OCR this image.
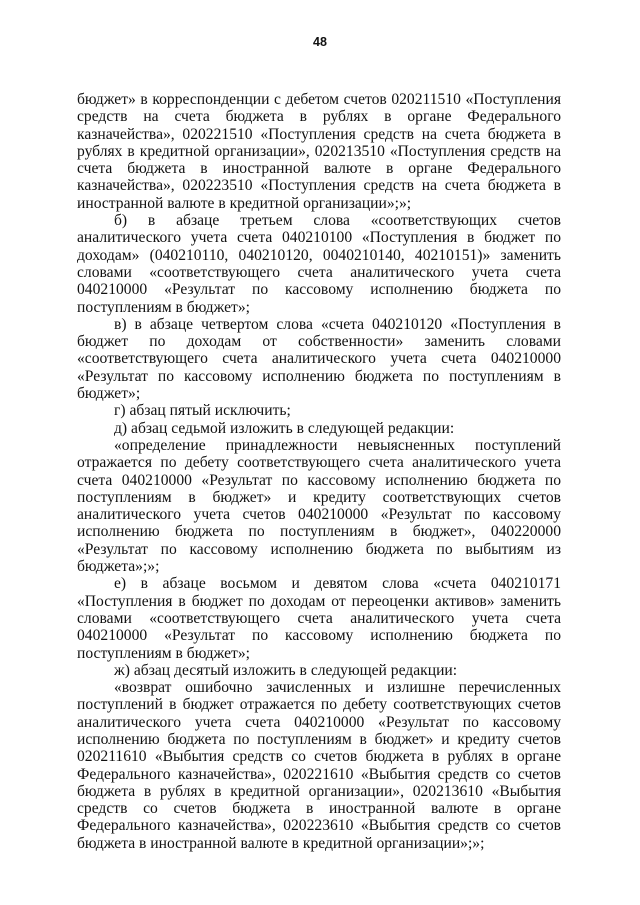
48

бюджет» в корреспонденции с дебетом счетов 020211510 «Поступления средств на счета бюджета в рублях в органе Федерального казначейства», 020221510 «Поступления средств на счета бюджета в рублях в кредитной организации», 020213510 «Поступления средств на счета бюджета в иностранной валюте в органе Федерального казначейства», 020223510 «Поступления средств на счета бюджета в иностранной валюте в кредитной организации»;»;

б) в абзаце третьем слова «соответствующих счетов аналитического учета счета 040210100 «Поступления в бюджет по доходам» (040210110, 040210120, 0040210140, 40210151)» заменить словами «соответствующего счета аналитического учета счета 040210000 «Результат по кассовому исполнению бюджета по поступлениям в бюджет»;

в) в абзаце четвертом слова «счета 040210120 «Поступления в бюджет по доходам от собственности» заменить словами «соответствующего счета аналитического учета счета 040210000 «Результат по кассовому исполнению бюджета по поступлениям в бюджет»;

г) абзац пятый исключить;

д) абзац седьмой изложить в следующей редакции:

«определение принадлежности невыясненных поступлений отражается по дебету соответствующего счета аналитического учета счета 040210000 «Результат по кассовому исполнению бюджета по поступлениям в бюджет» и кредиту соответствующих счетов аналитического учета счетов 040210000 «Результат по кассовому исполнению бюджета по поступлениям в бюджет», 040220000 «Результат по кассовому исполнению бюджета по выбытиям из бюджета»;»;

е) в абзаце восьмом и девятом слова «счета 040210171 «Поступления в бюджет по доходам от переоценки активов» заменить словами «соответствующего счета аналитического учета счета 040210000 «Результат по кассовому исполнению бюджета по поступлениям в бюджет»;

ж) абзац десятый изложить в следующей редакции:

«возврат ошибочно зачисленных и излишне перечисленных поступлений в бюджет отражается по дебету соответствующих счетов аналитического учета счета 040210000 «Результат по кассовому исполнению бюджета по поступлениям в бюджет» и кредиту счетов 020211610 «Выбытия средств со счетов бюджета в рублях в органе Федерального казначейства», 020221610 «Выбытия средств со счетов бюджета в рублях в кредитной организации», 020213610 «Выбытия средств со счетов бюджета в иностранной валюте в органе Федерального казначейства», 020223610 «Выбытия средств со счетов бюджета в иностранной валюте в кредитной организации»;»;
